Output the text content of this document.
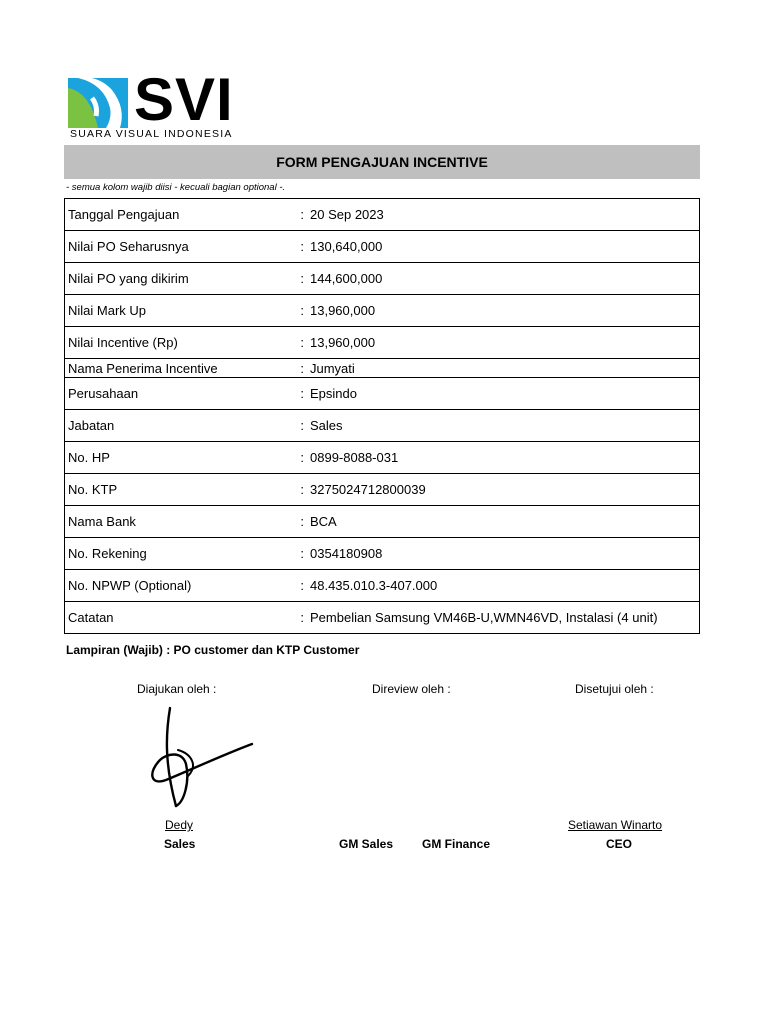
SVI
SUARA VISUAL INDONESIA
FORM PENGAJUAN INCENTIVE
- semua kolom wajib diisi - kecuali bagian optional -.
Tanggal Pengajuan	:	20 Sep 2023
Nilai PO Seharusnya	:	130,640,000
Nilai PO yang dikirim	:	144,600,000
Nilai Mark Up	:	13,960,000
Nilai Incentive (Rp)	:	13,960,000
Nama Penerima Incentive	:	Jumyati
Perusahaan	:	Epsindo
Jabatan	:	Sales
No. HP	:	0899-8088-031
No. KTP	:	3275024712800039
Nama Bank	:	BCA
No. Rekening	:	0354180908
No. NPWP (Optional)	:	48.435.010.3-407.000
Catatan	:	Pembelian Samsung VM46B-U,WMN46VD, Instalasi (4 unit)
Lampiran (Wajib) : PO customer dan KTP Customer
Diajukan oleh :	Direview oleh :	Disetujui oleh :
Dedy
Sales	GM Sales GM Finance
Setiawan Winarto
CEO
